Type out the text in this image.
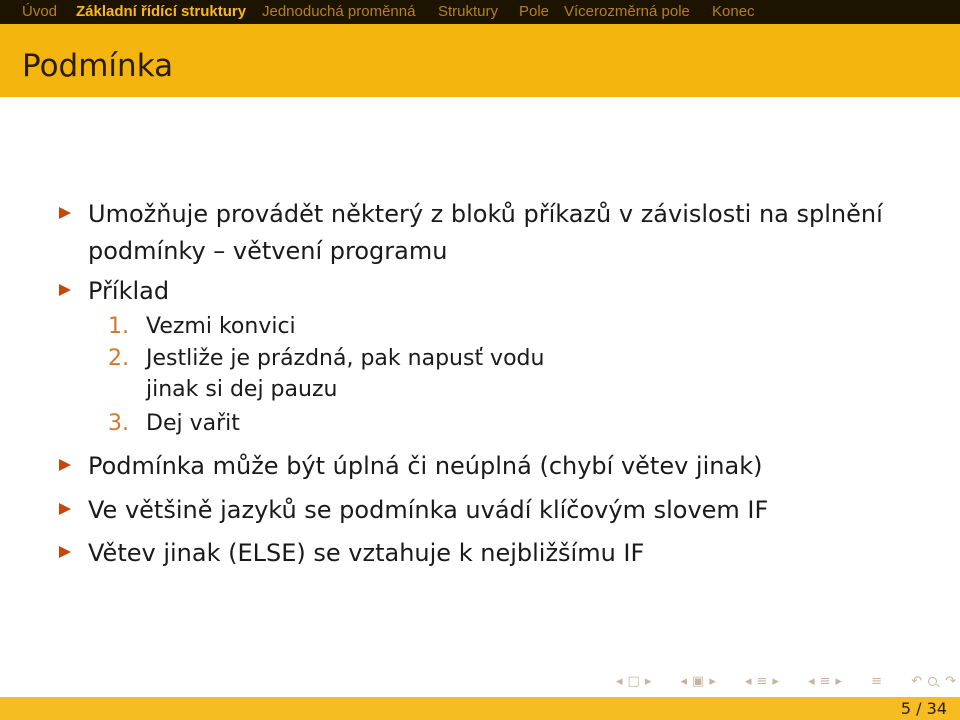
Úvod Základní řídící struktury Jednoduchá proměnná Struktury Pole Vícerozměrná pole Konec
Podmínka
Umožňuje provádět některý z bloků příkazů v závislosti na splnění
podmínky – větvení programu
Příklad
1. Vezmi konvici
2. Jestliže je prázdná, pak napusť vodu
jinak si dej pauzu
3. Dej vařit
Podmínka může být úplná či neúplná (chybí větev jinak)
Ve většině jazyků se podmínka uvádí klíčovým slovem IF
Větev jinak (ELSE) se vztahuje k nejbližšímu IF
◂
□
▸
◂
▣
▸
◂
≡
▸
◂
≡
▸
≡
↶
↷
5 / 34
